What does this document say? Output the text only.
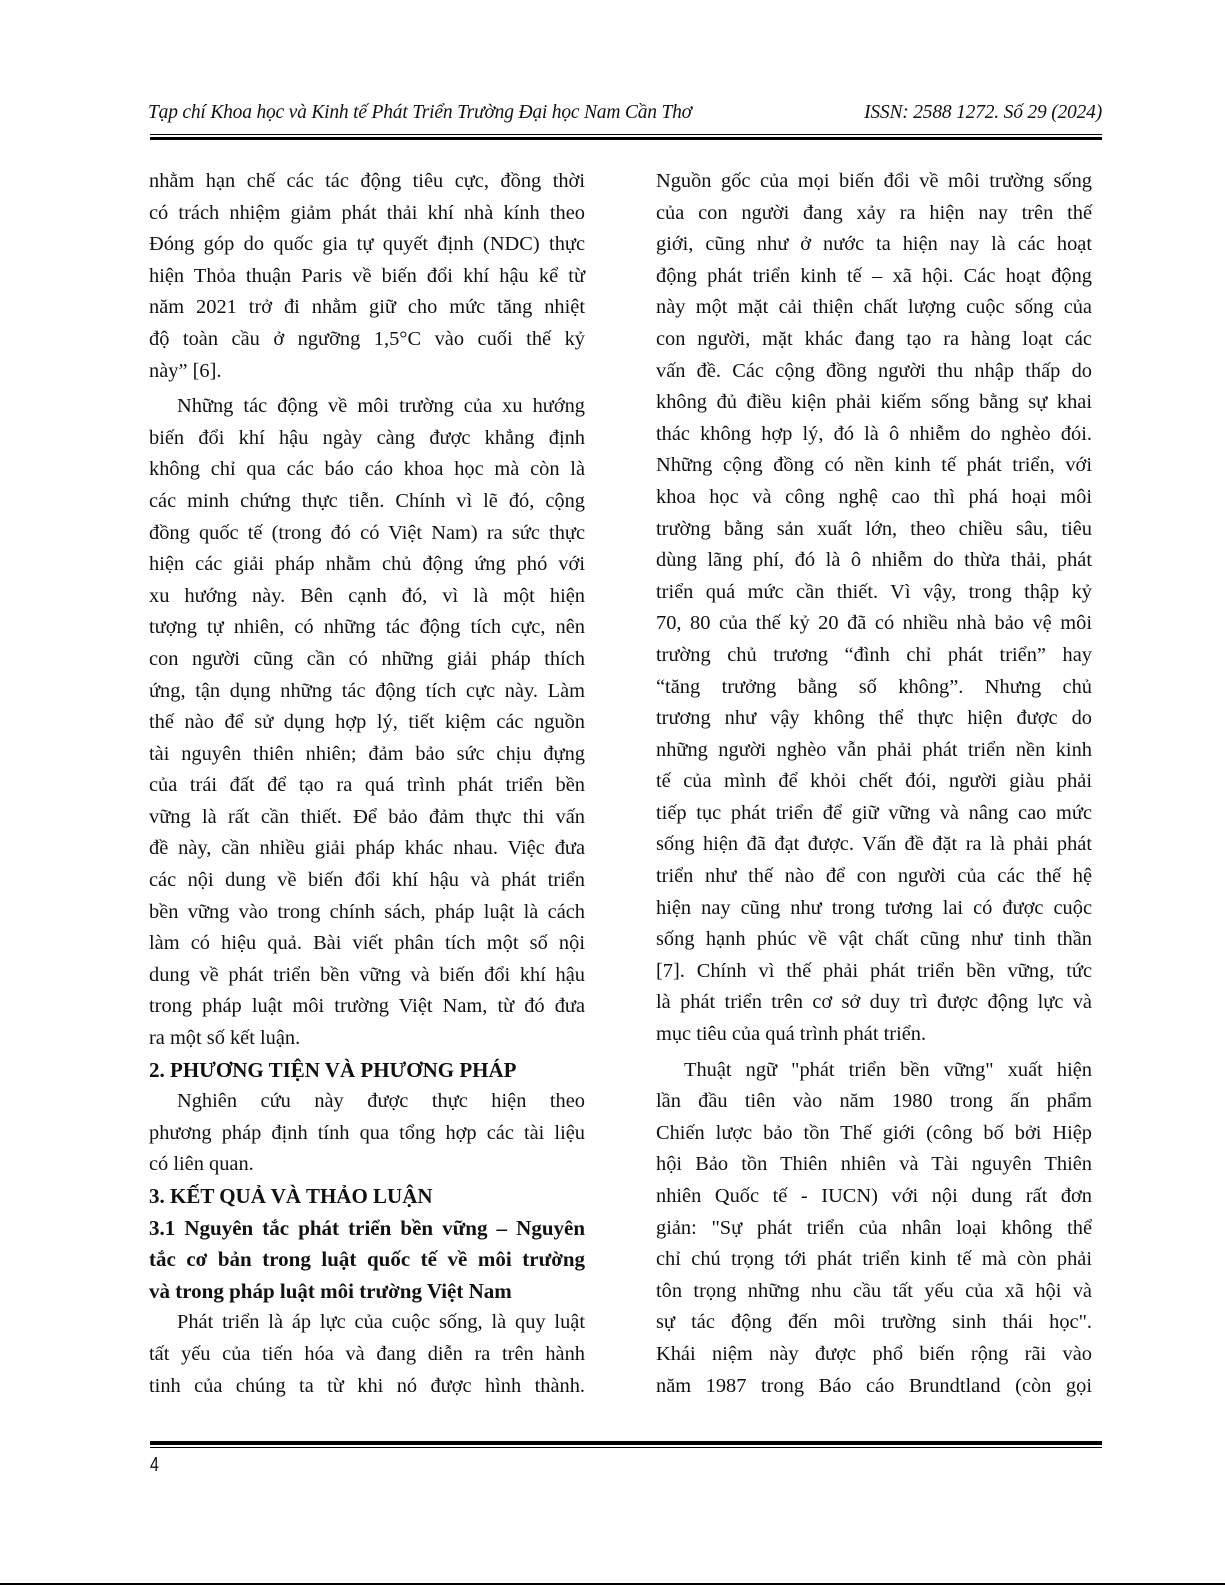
Tạp chí Khoa học và Kinh tế Phát Triển Trường Đại học Nam Cần Thơ	ISSN: 2588 1272. Số 29 (2024)

nhằm hạn chế các tác động tiêu cực, đồng thời
có trách nhiệm giảm phát thải khí nhà kính theo
Đóng góp do quốc gia tự quyết định (NDC) thực
hiện Thỏa thuận Paris về biến đổi khí hậu kể từ
năm 2021 trở đi nhằm giữ cho mức tăng nhiệt
độ toàn cầu ở ngưỡng 1,5°C vào cuối thế kỷ
này” [6].

Những tác động về môi trường của xu hướng
biến đổi khí hậu ngày càng được khẳng định
không chỉ qua các báo cáo khoa học mà còn là
các minh chứng thực tiễn. Chính vì lẽ đó, cộng
đồng quốc tế (trong đó có Việt Nam) ra sức thực
hiện các giải pháp nhằm chủ động ứng phó với
xu hướng này. Bên cạnh đó, vì là một hiện
tượng tự nhiên, có những tác động tích cực, nên
con người cũng cần có những giải pháp thích
ứng, tận dụng những tác động tích cực này. Làm
thế nào để sử dụng hợp lý, tiết kiệm các nguồn
tài nguyên thiên nhiên; đảm bảo sức chịu đựng
của trái đất để tạo ra quá trình phát triển bền
vững là rất cần thiết. Để bảo đảm thực thi vấn
đề này, cần nhiều giải pháp khác nhau. Việc đưa
các nội dung về biến đổi khí hậu và phát triển
bền vững vào trong chính sách, pháp luật là cách
làm có hiệu quả. Bài viết phân tích một số nội
dung về phát triển bền vững và biến đổi khí hậu
trong pháp luật môi trường Việt Nam, từ đó đưa
ra một số kết luận.

2. PHƯƠNG TIỆN VÀ PHƯƠNG PHÁP

Nghiên cứu này được thực hiện theo
phương pháp định tính qua tổng hợp các tài liệu
có liên quan.

3. KẾT QUẢ VÀ THẢO LUẬN

3.1 Nguyên tắc phát triển bền vững – Nguyên
tắc cơ bản trong luật quốc tế về môi trường
và trong pháp luật môi trường Việt Nam

Phát triển là áp lực của cuộc sống, là quy luật
tất yếu của tiến hóa và đang diễn ra trên hành
tinh của chúng ta từ khi nó được hình thành.

Nguồn gốc của mọi biến đổi về môi trường sống
của con người đang xảy ra hiện nay trên thế
giới, cũng như ở nước ta hiện nay là các hoạt
động phát triển kinh tế – xã hội. Các hoạt động
này một mặt cải thiện chất lượng cuộc sống của
con người, mặt khác đang tạo ra hàng loạt các
vấn đề. Các cộng đồng người thu nhập thấp do
không đủ điều kiện phải kiếm sống bằng sự khai
thác không hợp lý, đó là ô nhiễm do nghèo đói.
Những cộng đồng có nền kinh tế phát triển, với
khoa học và công nghệ cao thì phá hoại môi
trường bằng sản xuất lớn, theo chiều sâu, tiêu
dùng lãng phí, đó là ô nhiễm do thừa thải, phát
triển quá mức cần thiết. Vì vậy, trong thập kỷ
70, 80 của thế kỷ 20 đã có nhiều nhà bảo vệ môi
trường chủ trương “đình chỉ phát triển” hay
“tăng trưởng bằng số không”. Nhưng chủ
trương như vậy không thể thực hiện được do
những người nghèo vẫn phải phát triển nền kinh
tế của mình để khỏi chết đói, người giàu phải
tiếp tục phát triển để giữ vững và nâng cao mức
sống hiện đã đạt được. Vấn đề đặt ra là phải phát
triển như thế nào để con người của các thế hệ
hiện nay cũng như trong tương lai có được cuộc
sống hạnh phúc về vật chất cũng như tinh thần
[7]. Chính vì thế phải phát triển bền vững, tức
là phát triển trên cơ sở duy trì được động lực và
mục tiêu của quá trình phát triển.

Thuật ngữ "phát triển bền vững" xuất hiện
lần đầu tiên vào năm 1980 trong ấn phẩm
Chiến lược bảo tồn Thế giới (công bố bởi Hiệp
hội Bảo tồn Thiên nhiên và Tài nguyên Thiên
nhiên Quốc tế - IUCN) với nội dung rất đơn
giản: "Sự phát triển của nhân loại không thể
chỉ chú trọng tới phát triển kinh tế mà còn phải
tôn trọng những nhu cầu tất yếu của xã hội và
sự tác động đến môi trường sinh thái học".
Khái niệm này được phổ biến rộng rãi vào
năm 1987 trong Báo cáo Brundtland (còn gọi

4
